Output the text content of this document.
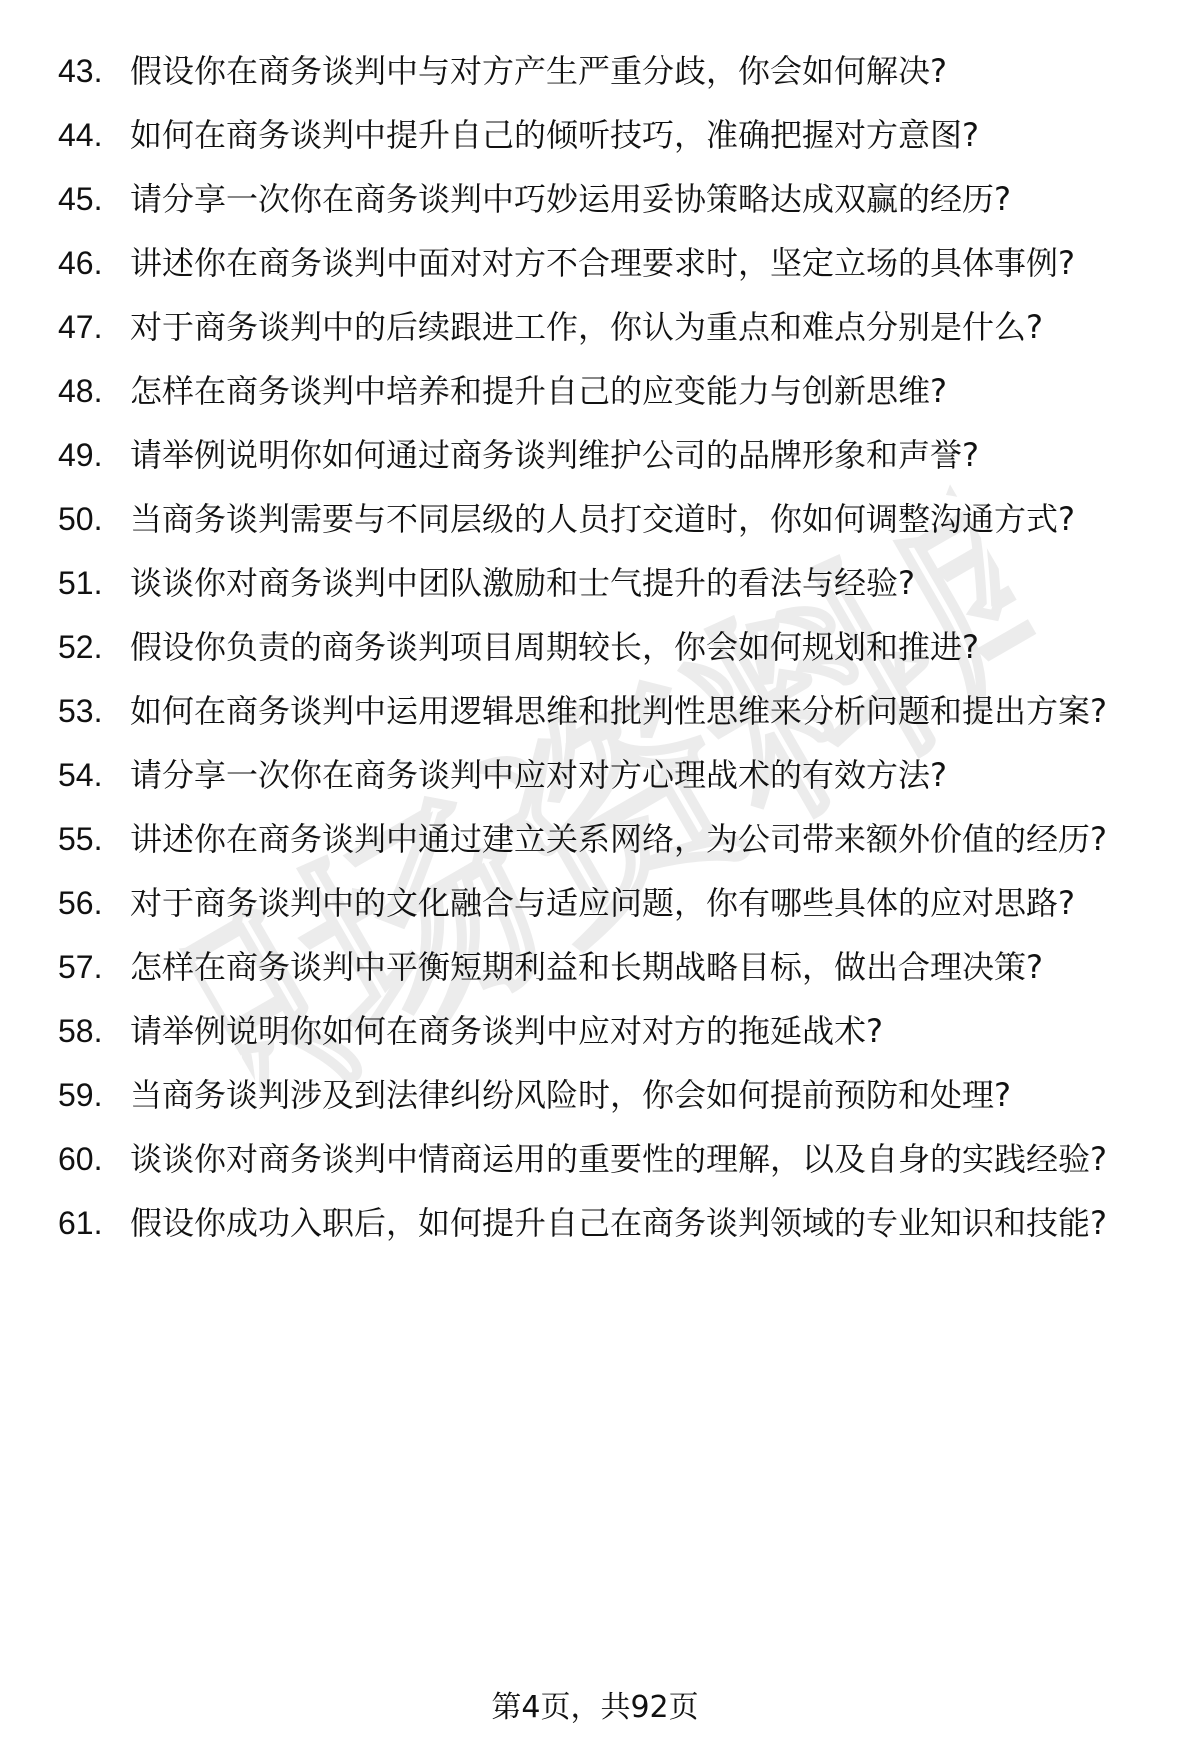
职场资料库
43. 假设你在商务谈判中与对方产生严重分歧，你会如何解决?
44. 如何在商务谈判中提升自己的倾听技巧，准确把握对方意图?
45. 请分享一次你在商务谈判中巧妙运用妥协策略达成双赢的经历?
46. 讲述你在商务谈判中面对对方不合理要求时，坚定立场的具体事例?
47. 对于商务谈判中的后续跟进工作，你认为重点和难点分别是什么?
48. 怎样在商务谈判中培养和提升自己的应变能力与创新思维?
49. 请举例说明你如何通过商务谈判维护公司的品牌形象和声誉?
50. 当商务谈判需要与不同层级的人员打交道时，你如何调整沟通方式?
51. 谈谈你对商务谈判中团队激励和士气提升的看法与经验?
52. 假设你负责的商务谈判项目周期较长，你会如何规划和推进?
53. 如何在商务谈判中运用逻辑思维和批判性思维来分析问题和提出方案?
54. 请分享一次你在商务谈判中应对对方心理战术的有效方法?
55. 讲述你在商务谈判中通过建立关系网络，为公司带来额外价值的经历?
56. 对于商务谈判中的文化融合与适应问题，你有哪些具体的应对思路?
57. 怎样在商务谈判中平衡短期利益和长期战略目标，做出合理决策?
58. 请举例说明你如何在商务谈判中应对对方的拖延战术?
59. 当商务谈判涉及到法律纠纷风险时，你会如何提前预防和处理?
60. 谈谈你对商务谈判中情商运用的重要性的理解，以及自身的实践经验?
61. 假设你成功入职后，如何提升自己在商务谈判领域的专业知识和技能?
第4页，共92页
